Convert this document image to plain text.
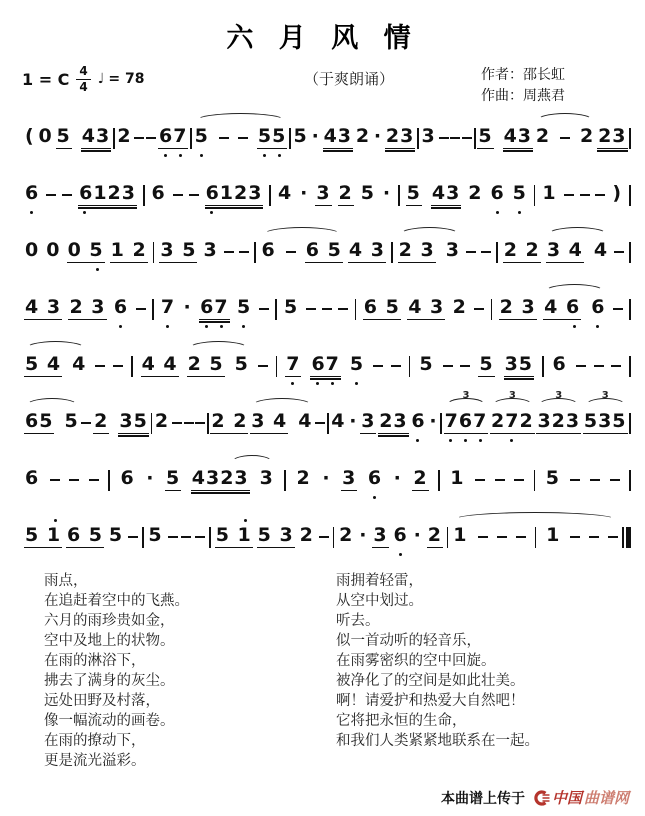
六 月 风 情
1 = C $\frac{4}{4}$ ♩ = 78	（于爽朗诵）	作者：邵长虹
作曲：周燕君
( 0 5 43 2 67 5	55 5 · 43 2 · 23 3 5 43 2 2 23
6 6123 6 6123 4 · 3 2 5 · 5 43 2 6 5 1	)
0 0 0 5 1 2 3 5 3 6 6 5 4 3 2 3 3 2 2 3 4 4
4 3 2 3 6 7 · 67 5 5	6 5 4 3 2 2 3 4 6 6
5 4 4	4 4 2 5 5 7 67 5	5 5 35 6
65 5 2 35 2 2 2 3 4 4 4 · 3 23 6 ·
3
767
3
272
3
323
3
535
6	6 · 5 4323 3 2 · 3 6 · 2 1	5
5 1 6 5 5 5	5 1 5 3 2 2 · 3 6 · 2 1	1
雨点，
在追赶着空中的飞燕。
六月的雨珍贵如金，
空中及地上的状物。
在雨的淋浴下，
拂去了满身的灰尘。
远处田野及村落，
像一幅流动的画卷。
在雨的撩动下，
更是流光溢彩。
雨拥着轻雷，
从空中划过。
听去。
似一首动听的轻音乐，
在雨雾密织的空中回旋。
被净化了的空间是如此壮美。
啊！请爱护和热爱大自然吧！
它将把永恒的生命，
和我们人类紧紧地联系在一起。
本曲谱上传于 中国 曲谱网
